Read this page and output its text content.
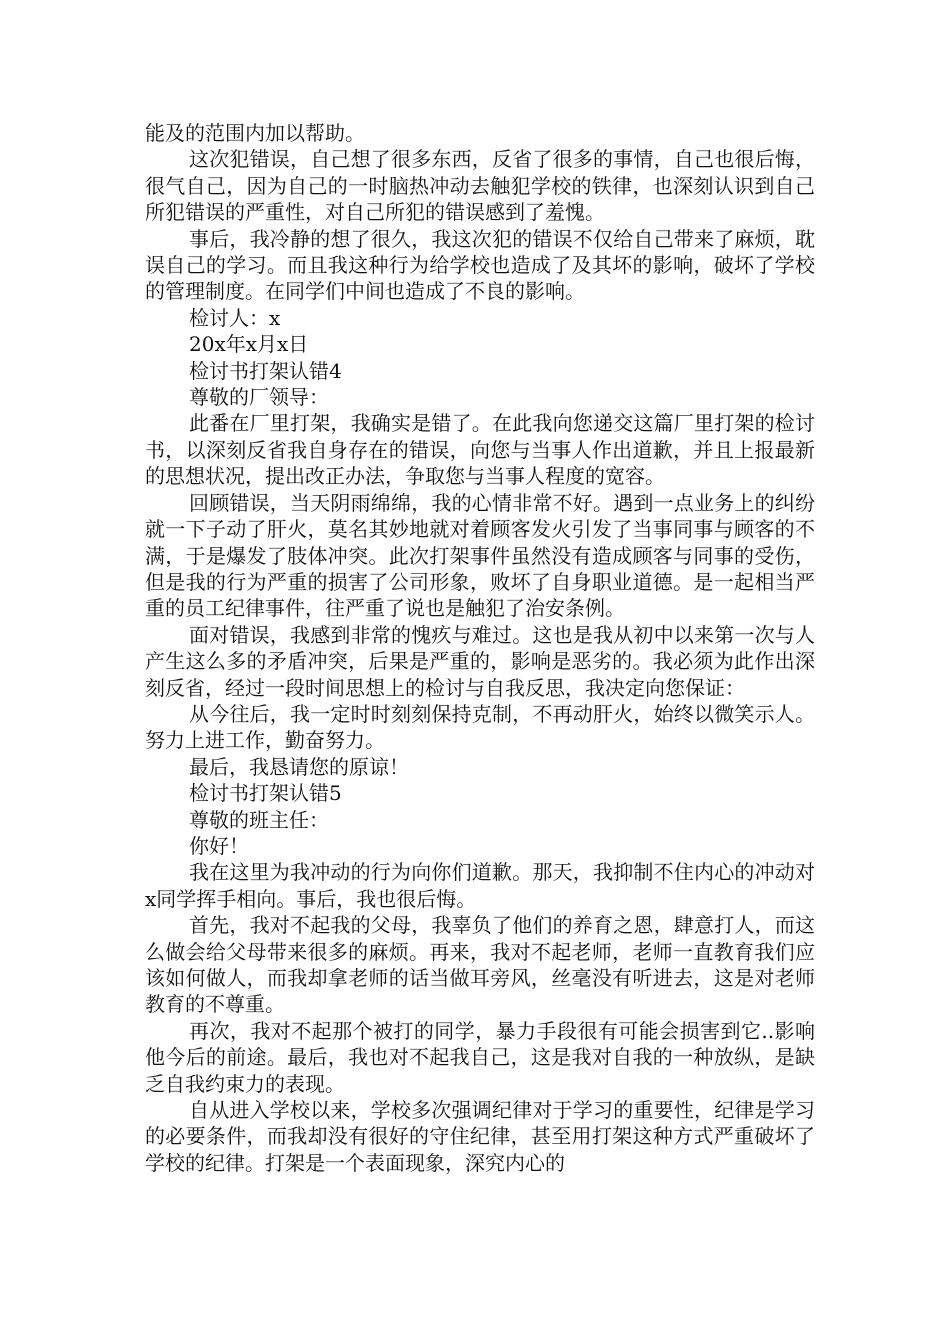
能及的范围内加以帮助。

这次犯错误，自己想了很多东西，反省了很多的事情，自己也很后悔，很气自己，因为自己的一时脑热冲动去触犯学校的铁律，也深刻认识到自己所犯错误的严重性，对自己所犯的错误感到了羞愧。

事后，我冷静的想了很久，我这次犯的错误不仅给自己带来了麻烦，耽误自己的学习。而且我这种行为给学校也造成了及其坏的影响，破坏了学校的管理制度。在同学们中间也造成了不良的影响。

检讨人：x

20x年x月x日

检讨书打架认错4

尊敬的厂领导：

此番在厂里打架，我确实是错了。在此我向您递交这篇厂里打架的检讨书，以深刻反省我自身存在的错误，向您与当事人作出道歉，并且上报最新的思想状况，提出改正办法，争取您与当事人程度的宽容。

回顾错误，当天阴雨绵绵，我的心情非常不好。遇到一点业务上的纠纷就一下子动了肝火，莫名其妙地就对着顾客发火引发了当事同事与顾客的不满，于是爆发了肢体冲突。此次打架事件虽然没有造成顾客与同事的受伤，但是我的行为严重的损害了公司形象，败坏了自身职业道德。是一起相当严重的员工纪律事件，往严重了说也是触犯了治安条例。

面对错误，我感到非常的愧疚与难过。这也是我从初中以来第一次与人产生这么多的矛盾冲突，后果是严重的，影响是恶劣的。我必须为此作出深刻反省，经过一段时间思想上的检讨与自我反思，我决定向您保证：

从今往后，我一定时时刻刻保持克制，不再动肝火，始终以微笑示人。努力上进工作，勤奋努力。

最后，我恳请您的原谅！

检讨书打架认错5

尊敬的班主任：

你好！

我在这里为我冲动的行为向你们道歉。那天，我抑制不住内心的冲动对x同学挥手相向。事后，我也很后悔。

首先，我对不起我的父母，我辜负了他们的养育之恩，肆意打人，而这么做会给父母带来很多的麻烦。再来，我对不起老师，老师一直教育我们应该如何做人，而我却拿老师的话当做耳旁风，丝毫没有听进去，这是对老师教育的不尊重。

再次，我对不起那个被打的同学，暴力手段很有可能会损害到它..影响他今后的前途。最后，我也对不起我自己，这是我对自我的一种放纵，是缺乏自我约束力的表现。

自从进入学校以来，学校多次强调纪律对于学习的重要性，纪律是学习的必要条件，而我却没有很好的守住纪律，甚至用打架这种方式严重破坏了学校的纪律。打架是一个表面现象，深究内心的
